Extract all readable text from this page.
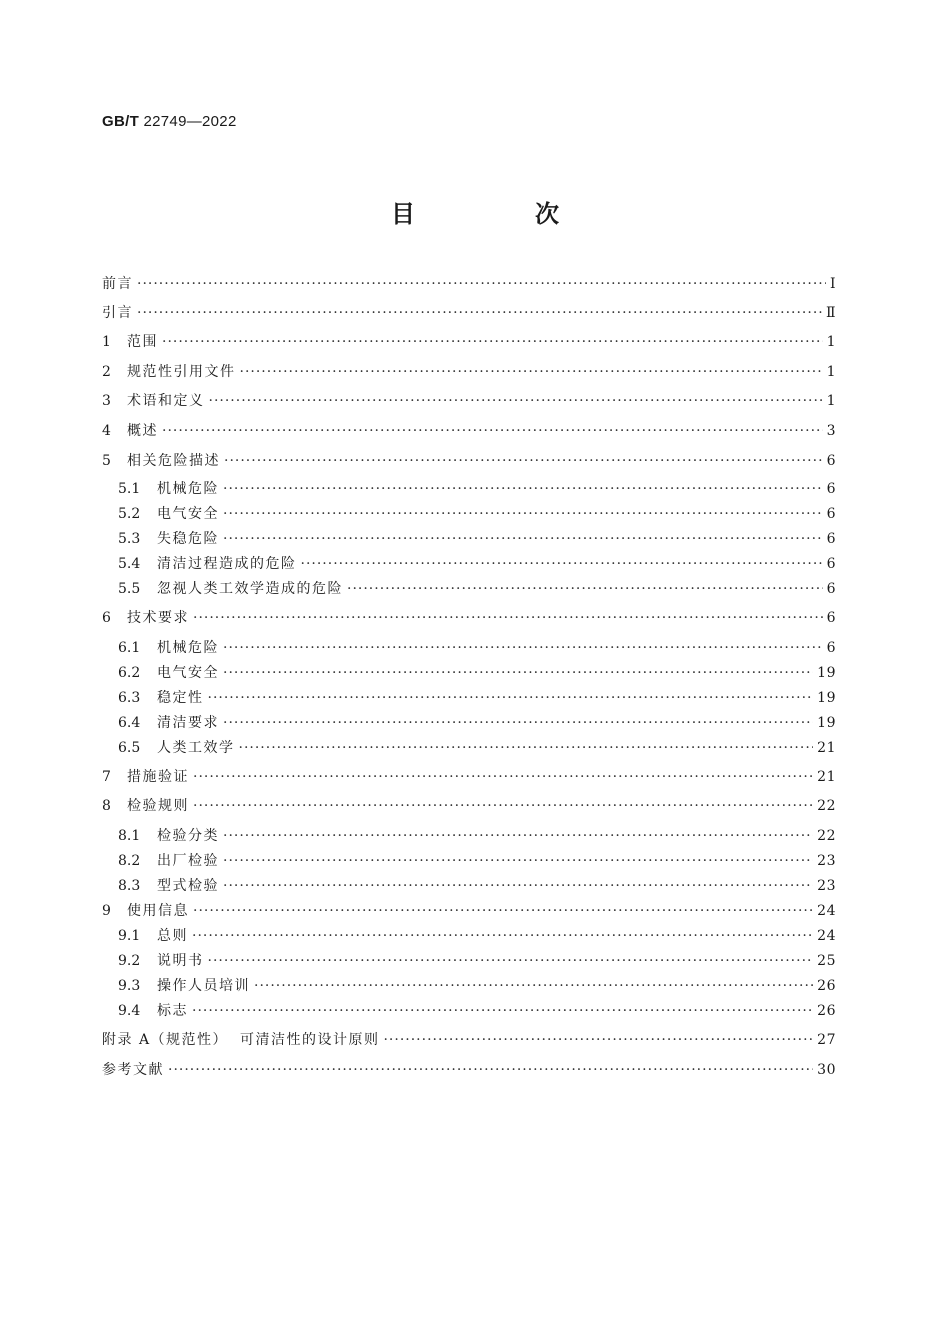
GB/T 22749—2022
目　次
前言 ·····	Ⅰ
引言 ·····	Ⅱ
1	范围 ·····	1
2	规范性引用文件 ·····	1
3	术语和定义 ·····	1
4	概述 ·····	3
5	相关危险描述 ·····	6
5.1	机械危险 ·····	6
5.2	电气安全 ·····	6
5.3	失稳危险 ·····	6
5.4	清洁过程造成的危险 ·····	6
5.5	忽视人类工效学造成的危险 ·····	6
6	技术要求 ·····	6
6.1	机械危险 ·····	6
6.2	电气安全 ·····	19
6.3	稳定性 ·····	19
6.4	清洁要求 ·····	19
6.5	人类工效学 ·····	21
7	措施验证 ·····	21
8	检验规则 ·····	22
8.1	检验分类 ·····	22
8.2	出厂检验 ·····	23
8.3	型式检验 ·····	23
9	使用信息 ·····	24
9.1	总则 ·····	24
9.2	说明书 ·····	25
9.3	操作人员培训 ·····	26
9.4	标志 ·····	26
附录 A（规范性）  可清洁性的设计原则 ·····	27
参考文献 ·····	30
